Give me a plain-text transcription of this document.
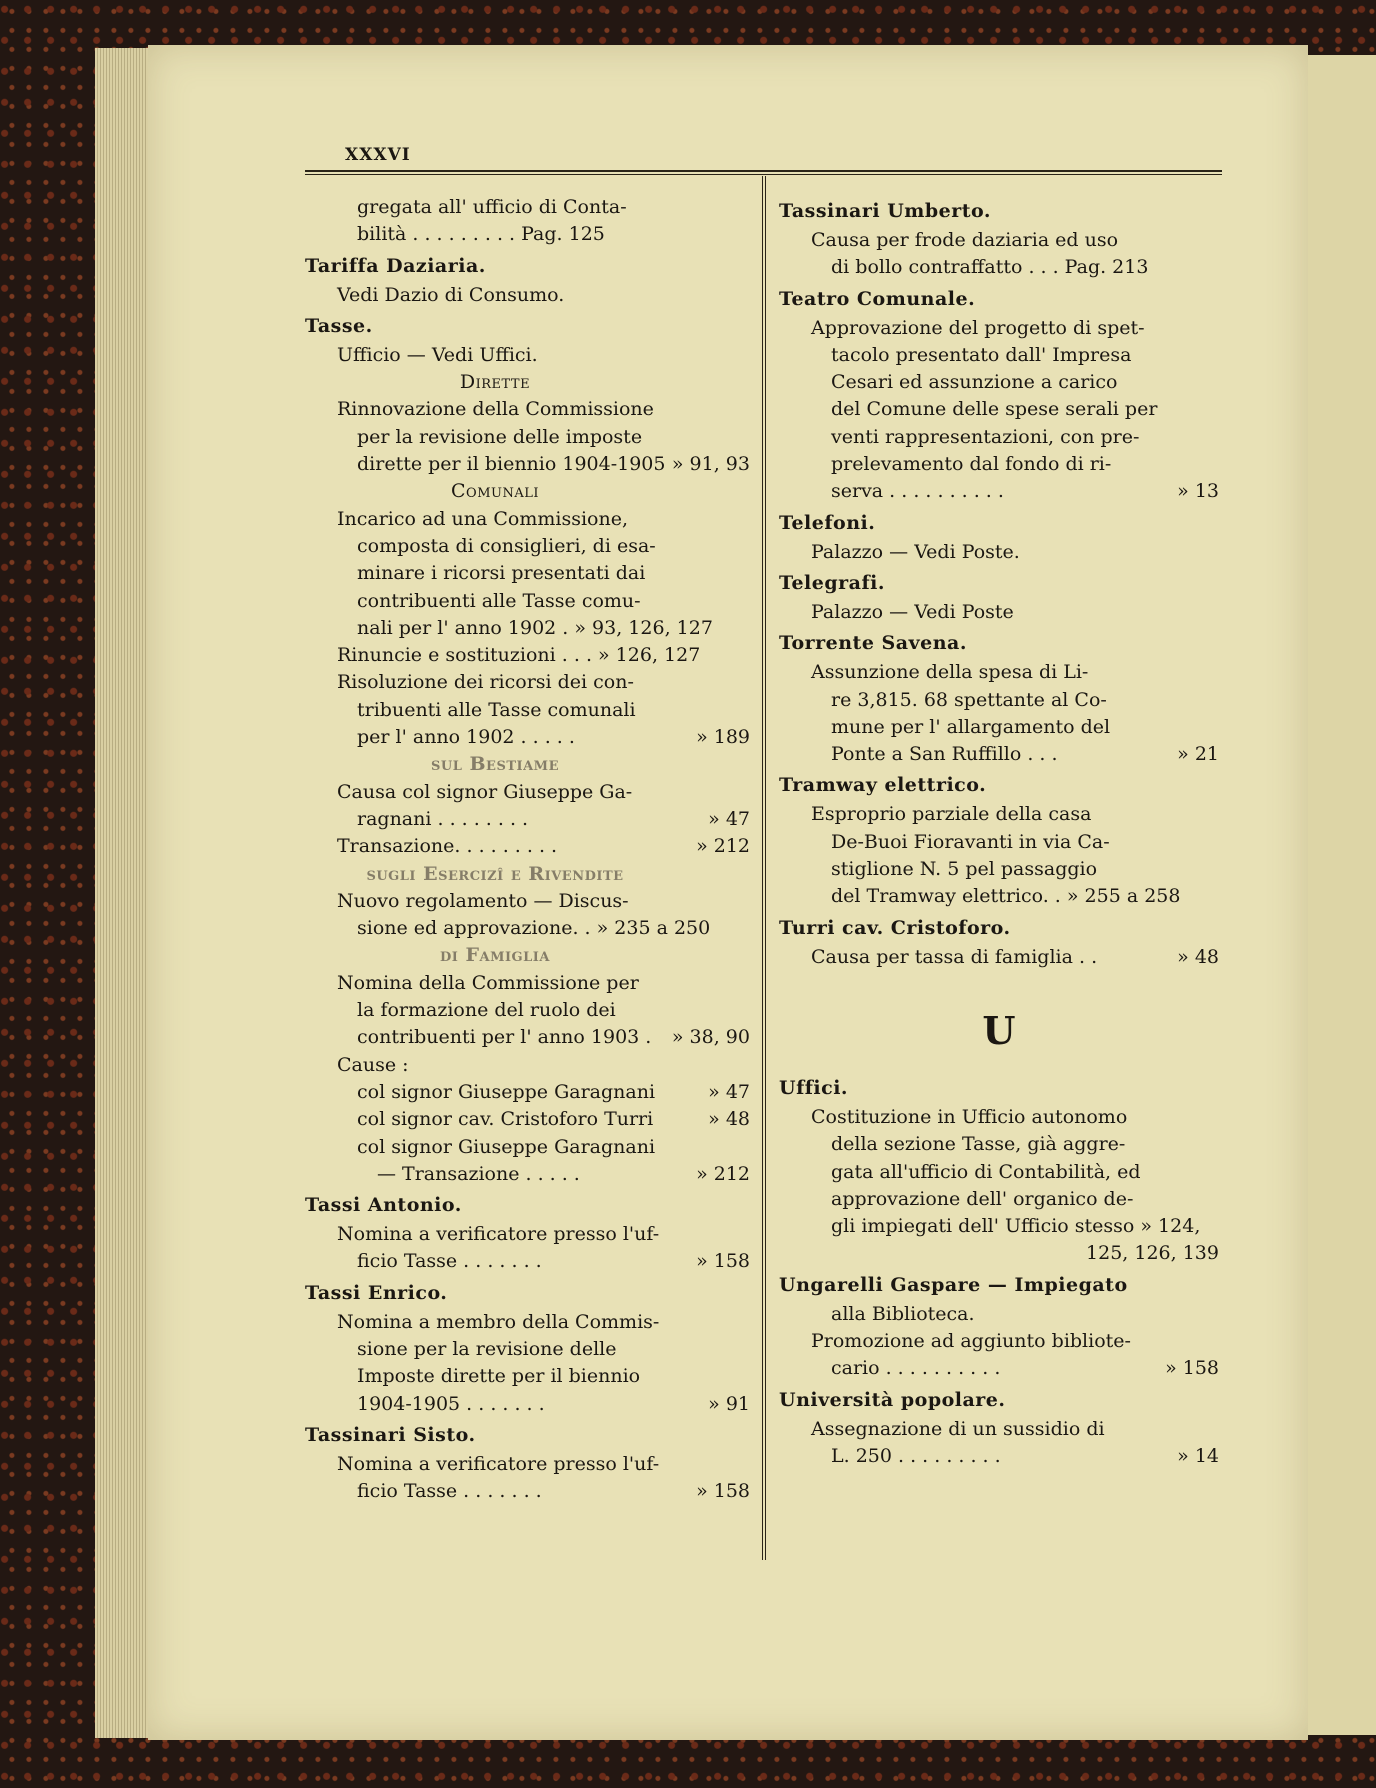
XXXVI
gregata all' ufficio di Conta-
bilità . . . . . . . . . Pag. 125
Tariffa Daziaria.
Vedi Dazio di Consumo.
Tasse.
Ufficio — Vedi Uffici.
Dirette
Rinnovazione della Commissione
per la revisione delle imposte
dirette per il biennio 1904-1905 » 91, 93
Comunali
Incarico ad una Commissione,
composta di consiglieri, di esa-
minare i ricorsi presentati dai
contribuenti alle Tasse comu-
nali per l' anno 1902 . » 93, 126, 127
Rinuncie e sostituzioni . . . » 126, 127
Risoluzione dei ricorsi dei con-
tribuenti alle Tasse comunali
per l' anno 1902 . . . . .	» 189
sul Bestiame
Causa col signor Giuseppe Ga-
ragnani . . . . . . . .	» 47
Transazione. . . . . . . . .	» 212
sugli Esercizî e Rivendite
Nuovo regolamento — Discus-
sione ed approvazione. . » 235 a 250
di Famiglia
Nomina della Commissione per
la formazione del ruolo dei
contribuenti per l' anno 1903 . » 38, 90
Cause :
col signor Giuseppe Garagnani	» 47
col signor cav. Cristoforo Turri	» 48
col signor Giuseppe Garagnani
— Transazione . . . . .	» 212
Tassi Antonio.
Nomina a verificatore presso l'uf-
ficio Tasse . . . . . . .	» 158
Tassi Enrico.
Nomina a membro della Commis-
sione per la revisione delle
Imposte dirette per il biennio
1904-1905 . . . . . . .	» 91
Tassinari Sisto.
Nomina a verificatore presso l'uf-
ficio Tasse . . . . . . .	» 158
Tassinari Umberto.
Causa per frode daziaria ed uso
di bollo contraffatto . . . Pag. 213
Teatro Comunale.
Approvazione del progetto di spet-
tacolo presentato dall' Impresa
Cesari ed assunzione a carico
del Comune delle spese serali per
venti rappresentazioni, con pre-
prelevamento dal fondo di ri-
serva . . . . . . . . . .	» 13
Telefoni.
Palazzo — Vedi Poste.
Telegrafi.
Palazzo — Vedi Poste
Torrente Savena.
Assunzione della spesa di Li-
re 3,815. 68 spettante al Co-
mune per l' allargamento del
Ponte a San Ruffillo . . .	» 21
Tramway elettrico.
Esproprio parziale della casa
De-Buoi Fioravanti in via Ca-
stiglione N. 5 pel passaggio
del Tramway elettrico. . » 255 a 258
Turri cav. Cristoforo.
Causa per tassa di famiglia . .	» 48
U
Uffici.
Costituzione in Ufficio autonomo
della sezione Tasse, già aggre-
gata all'ufficio di Contabilità, ed
approvazione dell' organico de-
gli impiegati dell' Ufficio stesso » 124,
125, 126, 139
Ungarelli Gaspare — Impiegato
alla Biblioteca.
Promozione ad aggiunto bibliote-
cario . . . . . . . . . .	» 158
Università popolare.
Assegnazione di un sussidio di
L. 250 . . . . . . . . .	» 14
